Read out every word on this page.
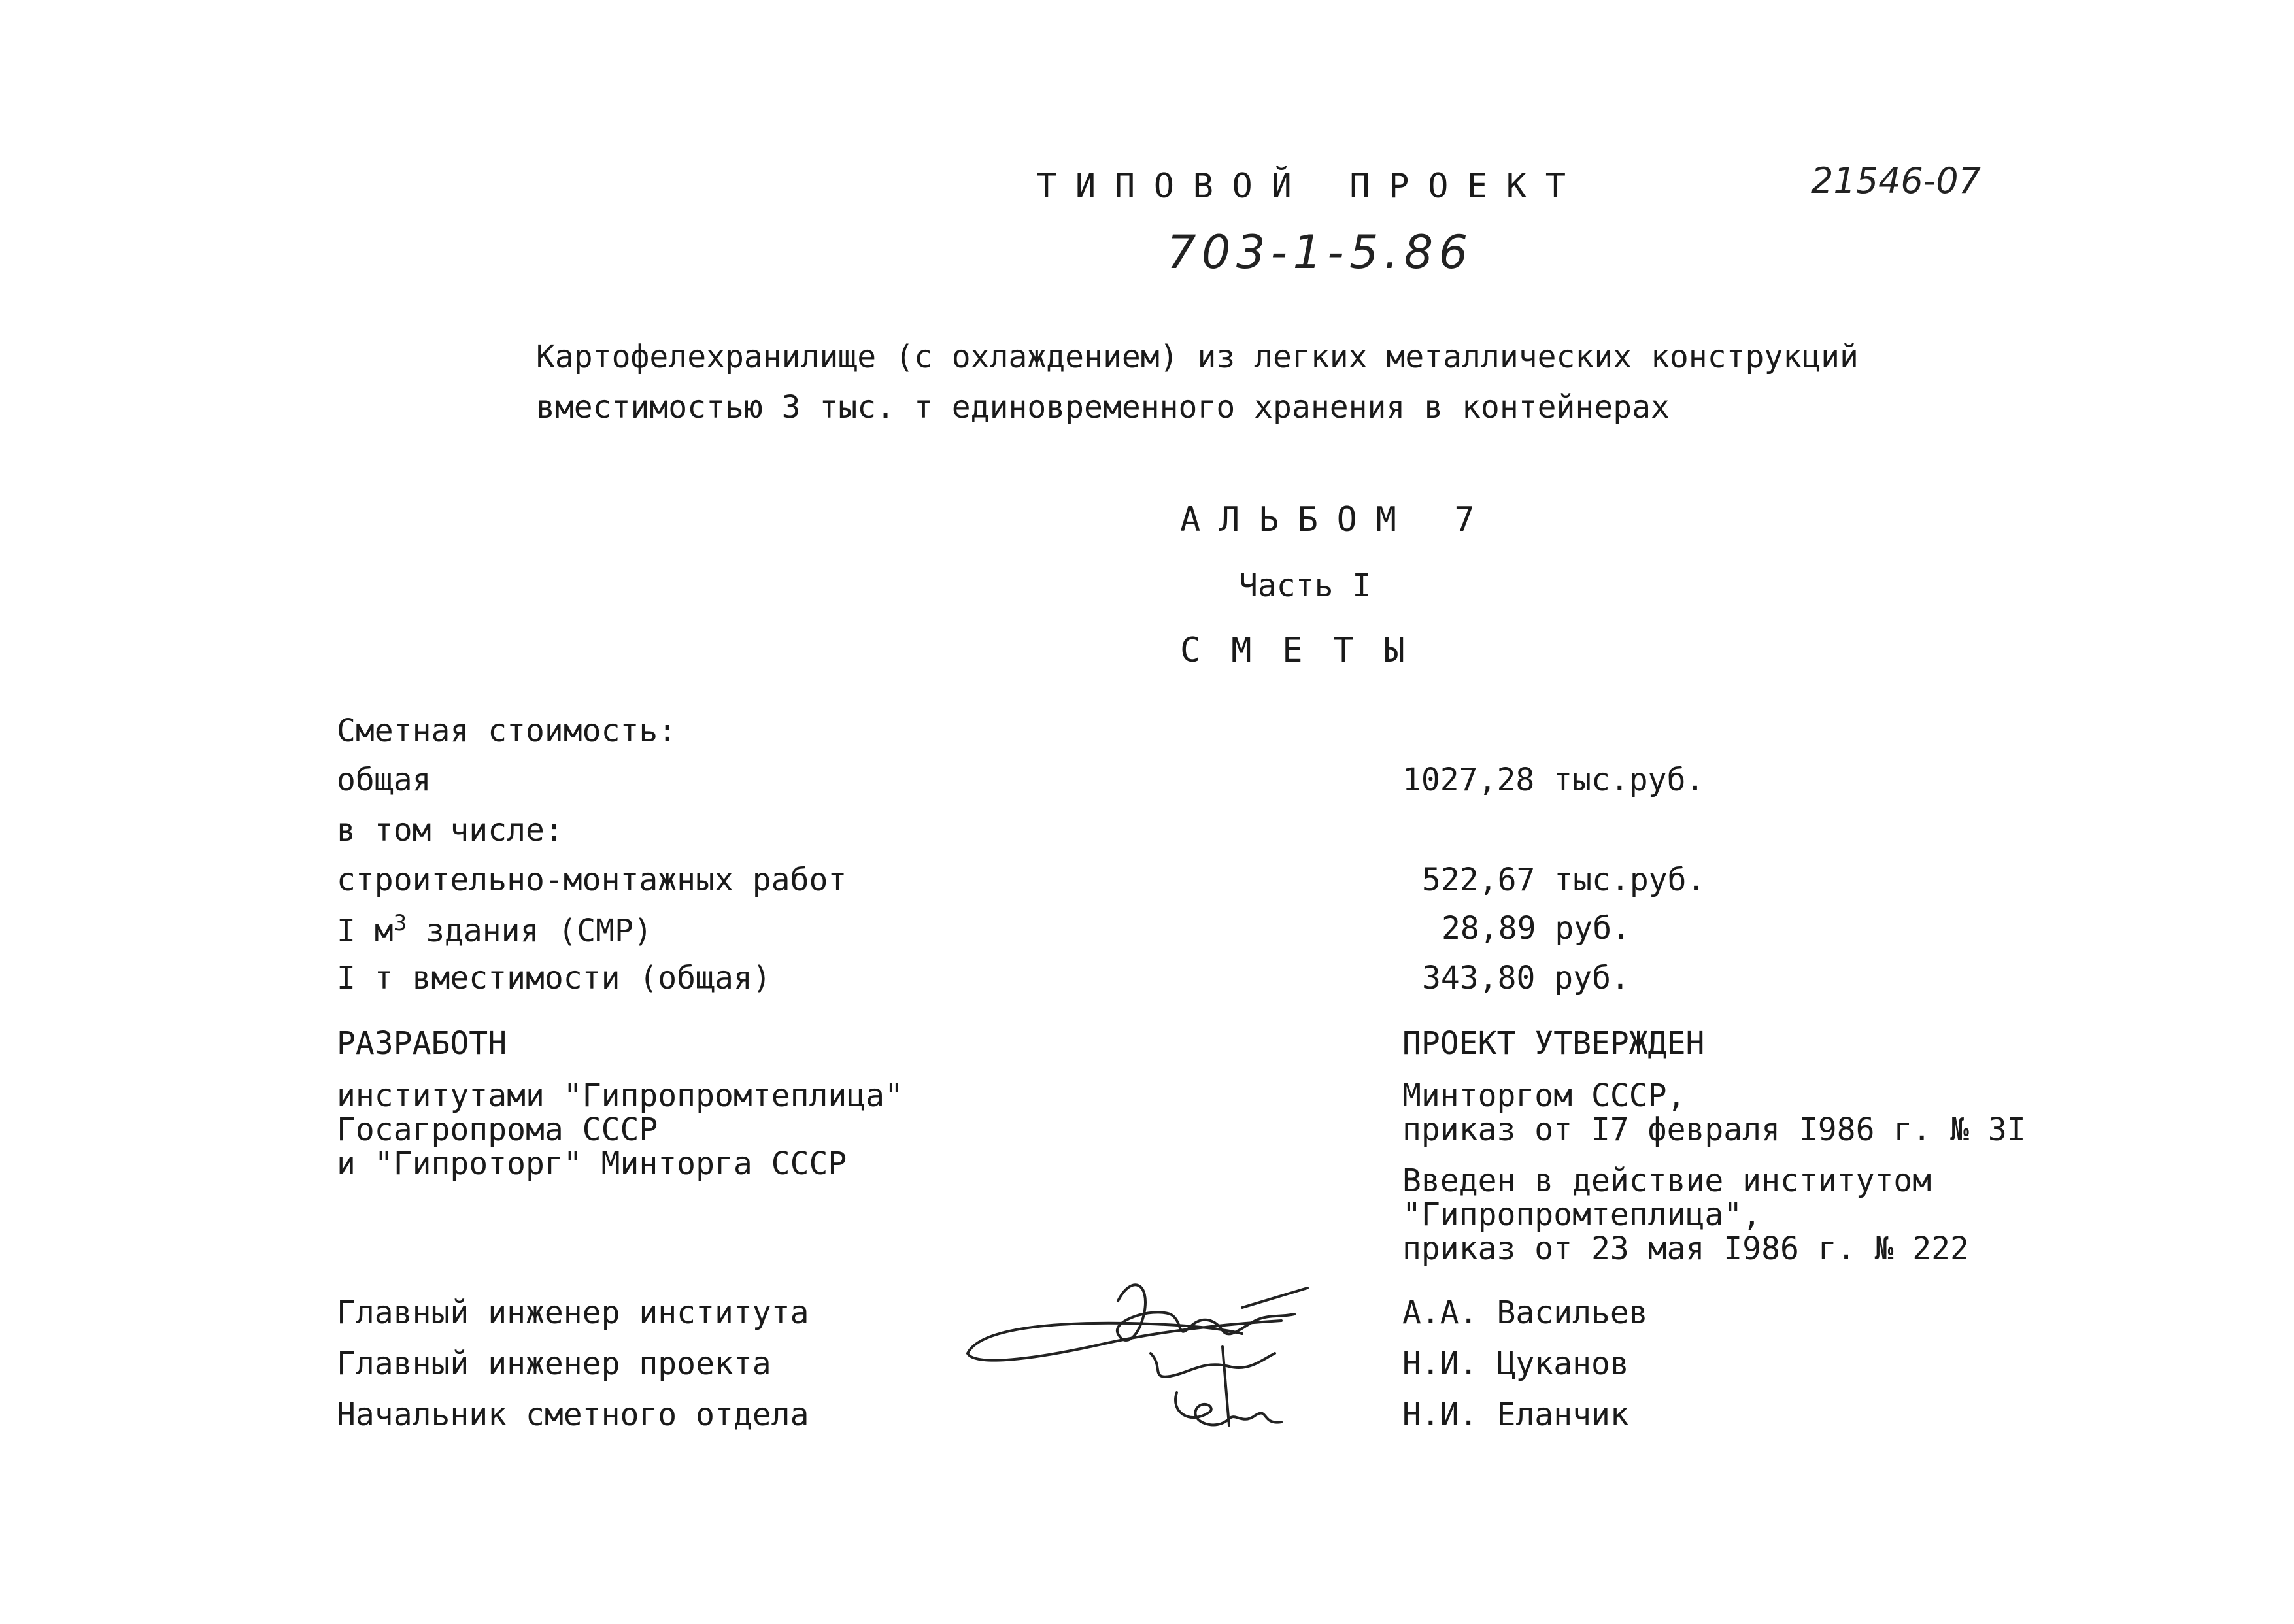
ТИПОВОЙ ПРОЕКТ	21546-07
703-1-5.86
Картофелехранилище (с охлаждением) из легких металлических конструкций
вместимостью 3 тыс. т единовременного хранения в контейнерах
АЛЬБОМ 7
Часть I
СМЕТЫ
Сметная стоимость:
общая	1027,28 тыс.руб.
в том числе:
строительно-монтажных работ	522,67 тыс.руб.
I $м^3$ здания (СМР)	28,89 руб.
I т вместимости (общая)	343,80 руб.
РАЗРАБОТН
институтами "Гипропромтеплица"
Госагропрома СССР
и "Гипроторг" Минторга СССР
ПРОЕКТ УТВЕРЖДЕН
Минторгом СССР,
приказ от I7 февраля I986 г. № 3I
Введен в действие институтом
"Гипропромтеплица",
приказ от 23 мая I986 г. № 222
Главный инженер института	А.А. Васильев
Главный инженер проекта	Н.И. Цуканов
Начальник сметного отдела	Н.И. Еланчик
